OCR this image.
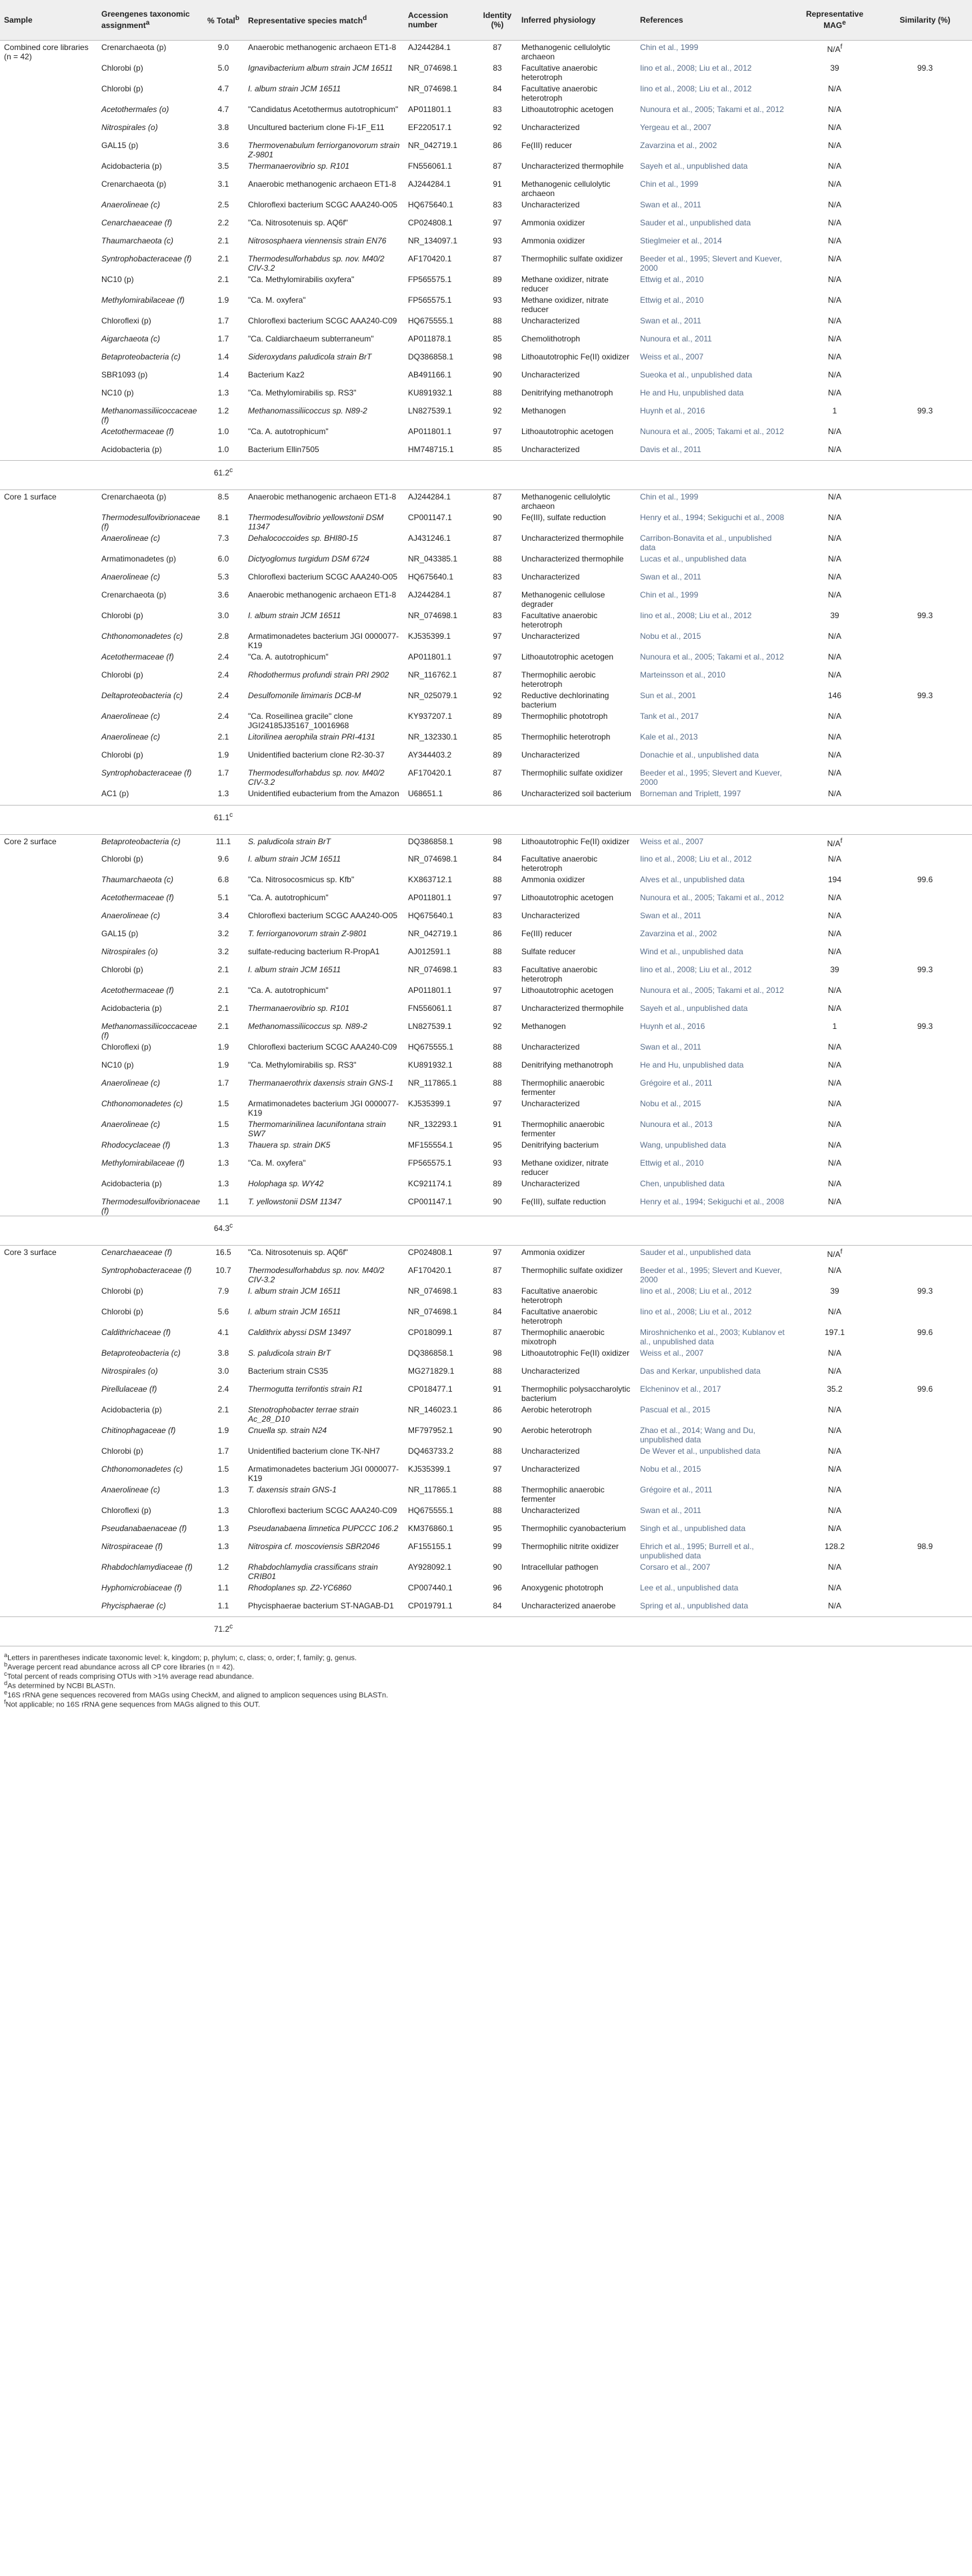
Sample	Greengenes taxonomic assignment$^a$	% Total$^b$	Representative species match$^d$	Accession number	Identity (%)	Inferred physiology	References	Representative MAG$^e$	Similarity (%)
Combined core libraries (n = 42)	Crenarchaeota (p)	9.0	Anaerobic methanogenic archaeon ET1-8	AJ244284.1	87	Methanogenic cellulolytic archaeon	Chin et al., 1999	$N/A^f$	
	Chlorobi (p)	5.0	Ignavibacterium album strain JCM 16511	NR_074698.1	83	Facultative anaerobic heterotroph	Iino et al., 2008; Liu et al., 2012	39	99.3
	Chlorobi (p)	4.7	I. album strain JCM 16511	NR_074698.1	84	Facultative anaerobic heterotroph	Iino et al., 2008; Liu et al., 2012	N/A	
	Acetothermales (o)	4.7	"Candidatus Acetothermus autotrophicum"	AP011801.1	83	Lithoautotrophic acetogen	Nunoura et al., 2005; Takami et al., 2012	N/A	
	Nitrospirales (o)	3.8	Uncultured bacterium clone Fi-1F_E11	EF220517.1	92	Uncharacterized	Yergeau et al., 2007	N/A	
	GAL15 (p)	3.6	Thermovenabulum ferriorganovorum strain Z-9801	NR_042719.1	86	Fe(III) reducer	Zavarzina et al., 2002	N/A	
	Acidobacteria (p)	3.5	Thermanaerovibrio sp. R101	FN556061.1	87	Uncharacterized thermophile	Sayeh et al., unpublished data	N/A	
	Crenarchaeota (p)	3.1	Anaerobic methanogenic archaeon ET1-8	AJ244284.1	91	Methanogenic cellulolytic archaeon	Chin et al., 1999	N/A	
	Anaerolineae (c)	2.5	Chloroflexi bacterium SCGC AAA240-O05	HQ675640.1	83	Uncharacterized	Swan et al., 2011	N/A	
	Cenarchaeaceae (f)	2.2	"Ca. Nitrosotenuis sp. AQ6f"	CP024808.1	97	Ammonia oxidizer	Sauder et al., unpublished data	N/A	
	Thaumarchaeota (c)	2.1	Nitrososphaera viennensis strain EN76	NR_134097.1	93	Ammonia oxidizer	Stieglmeier et al., 2014	N/A	
	Syntrophobacteraceae (f)	2.1	Thermodesulforhabdus sp. nov. M40/2 CIV-3.2	AF170420.1	87	Thermophilic sulfate oxidizer	Beeder et al., 1995; Slevert and Kuever, 2000	N/A	
	NC10 (p)	2.1	"Ca. Methylomirabilis oxyfera"	FP565575.1	89	Methane oxidizer, nitrate reducer	Ettwig et al., 2010	N/A	
	Methylomirabilaceae (f)	1.9	"Ca. M. oxyfera"	FP565575.1	93	Methane oxidizer, nitrate reducer	Ettwig et al., 2010	N/A	
	Chloroflexi (p)	1.7	Chloroflexi bacterium SCGC AAA240-C09	HQ675555.1	88	Uncharacterized	Swan et al., 2011	N/A	
	Aigarchaeota (c)	1.7	"Ca. Caldiarchaeum subterraneum"	AP011878.1	85	Chemolithotroph	Nunoura et al., 2011	N/A	
	Betaproteobacteria (c)	1.4	Sideroxydans paludicola strain BrT	DQ386858.1	98	Lithoautotrophic Fe(II) oxidizer	Weiss et al., 2007	N/A	
	SBR1093 (p)	1.4	Bacterium Kaz2	AB491166.1	90	Uncharacterized	Sueoka et al., unpublished data	N/A	
	NC10 (p)	1.3	"Ca. Methylomirabilis sp. RS3"	KU891932.1	88	Denitrifying methanotroph	He and Hu, unpublished data	N/A	
	Methanomassiliicoccaceae (f)	1.2	Methanomassiliicoccus sp. N89-2	LN827539.1	92	Methanogen	Huynh et al., 2016	1	99.3
	Acetothermaceae (f)	1.0	"Ca. A. autotrophicum"	AP011801.1	97	Lithoautotrophic acetogen	Nunoura et al., 2005; Takami et al., 2012	N/A	
	Acidobacteria (p)	1.0	Bacterium Ellin7505	HM748715.1	85	Uncharacterized	Davis et al., 2011	N/A	
		61.2$^c$							

Core 1 surface	Crenarchaeota (p)	8.5	Anaerobic methanogenic archaeon ET1-8	AJ244284.1	87	Methanogenic cellulolytic archaeon	Chin et al., 1999	N/A	
	Thermodesulfovibrionaceae (f)	8.1	Thermodesulfovibrio yellowstonii DSM 11347	CP001147.1	90	Fe(III), sulfate reduction	Henry et al., 1994; Sekiguchi et al., 2008	N/A	
	Anaerolineae (c)	7.3	Dehalococcoides sp. BHI80-15	AJ431246.1	87	Uncharacterized thermophile	Carribon-Bonavita et al., unpublished data	N/A	
	Armatimonadetes (p)	6.0	Dictyoglomus turgidum DSM 6724	NR_043385.1	88	Uncharacterized thermophile	Lucas et al., unpublished data	N/A	
	Anaerolineae (c)	5.3	Chloroflexi bacterium SCGC AAA240-O05	HQ675640.1	83	Uncharacterized	Swan et al., 2011	N/A	
	Crenarchaeota (p)	3.6	Anaerobic methanogenic archaeon ET1-8	AJ244284.1	87	Methanogenic cellulose degrader	Chin et al., 1999	N/A	
	Chlorobi (p)	3.0	I. album strain JCM 16511	NR_074698.1	83	Facultative anaerobic heterotroph	Iino et al., 2008; Liu et al., 2012	39	99.3
	Chthonomonadetes (c)	2.8	Armatimonadetes bacterium JGI 0000077-K19	KJ535399.1	97	Uncharacterized	Nobu et al., 2015	N/A	
	Acetothermaceae (f)	2.4	"Ca. A. autotrophicum"	AP011801.1	97	Lithoautotrophic acetogen	Nunoura et al., 2005; Takami et al., 2012	N/A	
	Chlorobi (p)	2.4	Rhodothermus profundi strain PRI 2902	NR_116762.1	87	Thermophilic aerobic heterotroph	Marteinsson et al., 2010	N/A	
	Deltaproteobacteria (c)	2.4	Desulfomonile limimaris DCB-M	NR_025079.1	92	Reductive dechlorinating bacterium	Sun et al., 2001	146	99.3
	Anaerolineae (c)	2.4	"Ca. Roseilinea gracile" clone JGI24185J35167_10016968	KY937207.1	89	Thermophilic phototroph	Tank et al., 2017	N/A	
	Anaerolineae (c)	2.1	Litorilinea aerophila strain PRI-4131	NR_132330.1	85	Thermophilic heterotroph	Kale et al., 2013	N/A	
	Chlorobi (p)	1.9	Unidentified bacterium clone R2-30-37	AY344403.2	89	Uncharacterized	Donachie et al., unpublished data	N/A	
	Syntrophobacteraceae (f)	1.7	Thermodesulforhabdus sp. nov. M40/2 CIV-3.2	AF170420.1	87	Thermophilic sulfate oxidizer	Beeder et al., 1995; Slevert and Kuever, 2000	N/A	
	AC1 (p)	1.3	Unidentified eubacterium from the Amazon	U68651.1	86	Uncharacterized soil bacterium	Borneman and Triplett, 1997	N/A	
		61.1$^c$							

Core 2 surface	Betaproteobacteria (c)	11.1	S. paludicola strain BrT	DQ386858.1	98	Lithoautotrophic Fe(II) oxidizer	Weiss et al., 2007	$N/A^f$	
	Chlorobi (p)	9.6	I. album strain JCM 16511	NR_074698.1	84	Facultative anaerobic heterotroph	Iino et al., 2008; Liu et al., 2012	N/A	
	Thaumarchaeota (c)	6.8	"Ca. Nitrosocosmicus sp. Kfb"	KX863712.1	88	Ammonia oxidizer	Alves et al., unpublished data	194	99.6
	Acetothermaceae (f)	5.1	"Ca. A. autotrophicum"	AP011801.1	97	Lithoautotrophic acetogen	Nunoura et al., 2005; Takami et al., 2012	N/A	
	Anaerolineae (c)	3.4	Chloroflexi bacterium SCGC AAA240-O05	HQ675640.1	83	Uncharacterized	Swan et al., 2011	N/A	
	GAL15 (p)	3.2	T. ferriorganovorum strain Z-9801	NR_042719.1	86	Fe(III) reducer	Zavarzina et al., 2002	N/A	
	Nitrospirales (o)	3.2	sulfate-reducing bacterium R-PropA1	AJ012591.1	88	Sulfate reducer	Wind et al., unpublished data	N/A	
	Chlorobi (p)	2.1	I. album strain JCM 16511	NR_074698.1	83	Facultative anaerobic heterotroph	Iino et al., 2008; Liu et al., 2012	39	99.3
	Acetothermaceae (f)	2.1	"Ca. A. autotrophicum"	AP011801.1	97	Lithoautotrophic acetogen	Nunoura et al., 2005; Takami et al., 2012	N/A	
	Acidobacteria (p)	2.1	Thermanaerovibrio sp. R101	FN556061.1	87	Uncharacterized thermophile	Sayeh et al., unpublished data	N/A	
	Methanomassiliicoccaceae (f)	2.1	Methanomassiliicoccus sp. N89-2	LN827539.1	92	Methanogen	Huynh et al., 2016	1	99.3
	Chloroflexi (p)	1.9	Chloroflexi bacterium SCGC AAA240-C09	HQ675555.1	88	Uncharacterized	Swan et al., 2011	N/A	
	NC10 (p)	1.9	"Ca. Methylomirabilis sp. RS3"	KU891932.1	88	Denitrifying methanotroph	He and Hu, unpublished data	N/A	
	Anaerolineae (c)	1.7	Thermanaerothrix daxensis strain GNS-1	NR_117865.1	88	Thermophilic anaerobic fermenter	Grégoire et al., 2011	N/A	
	Chthonomonadetes (c)	1.5	Armatimonadetes bacterium JGI 0000077-K19	KJ535399.1	97	Uncharacterized	Nobu et al., 2015	N/A	
	Anaerolineae (c)	1.5	Thermomarinilinea lacunifontana strain SW7	NR_132293.1	91	Thermophilic anaerobic fermenter	Nunoura et al., 2013	N/A	
	Rhodocyclaceae (f)	1.3	Thauera sp. strain DK5	MF155554.1	95	Denitrifying bacterium	Wang, unpublished data	N/A	
	Methylomirabilaceae (f)	1.3	"Ca. M. oxyfera"	FP565575.1	93	Methane oxidizer, nitrate reducer	Ettwig et al., 2010	N/A	
	Acidobacteria (p)	1.3	Holophaga sp. WY42	KC921174.1	89	Uncharacterized	Chen, unpublished data	N/A	
	Thermodesulfovibrionaceae (f)	1.1	T. yellowstonii DSM 11347	CP001147.1	90	Fe(III), sulfate reduction	Henry et al., 1994; Sekiguchi et al., 2008	N/A	
		64.3$^c$							

Core 3 surface	Cenarchaeaceae (f)	16.5	"Ca. Nitrosotenuis sp. AQ6f"	CP024808.1	97	Ammonia oxidizer	Sauder et al., unpublished data	$N/A^f$	
	Syntrophobacteraceae (f)	10.7	Thermodesulforhabdus sp. nov. M40/2 CIV-3.2	AF170420.1	87	Thermophilic sulfate oxidizer	Beeder et al., 1995; Slevert and Kuever, 2000	N/A	
	Chlorobi (p)	7.9	I. album strain JCM 16511	NR_074698.1	83	Facultative anaerobic heterotroph	Iino et al., 2008; Liu et al., 2012	39	99.3
	Chlorobi (p)	5.6	I. album strain JCM 16511	NR_074698.1	84	Facultative anaerobic heterotroph	Iino et al., 2008; Liu et al., 2012	N/A	
	Caldithrichaceae (f)	4.1	Caldithrix abyssi DSM 13497	CP018099.1	87	Thermophilic anaerobic mixotroph	Miroshnichenko et al., 2003; Kublanov et al., unpublished data	197.1	99.6
	Betaproteobacteria (c)	3.8	S. paludicola strain BrT	DQ386858.1	98	Lithoautotrophic Fe(II) oxidizer	Weiss et al., 2007	N/A	
	Nitrospirales (o)	3.0	Bacterium strain CS35	MG271829.1	88	Uncharacterized	Das and Kerkar, unpublished data	N/A	
	Pirellulaceae (f)	2.4	Thermogutta terrifontis strain R1	CP018477.1	91	Thermophilic polysaccharolytic bacterium	Elcheninov et al., 2017	35.2	99.6
	Acidobacteria (p)	2.1	Stenotrophobacter terrae strain Ac_28_D10	NR_146023.1	86	Aerobic heterotroph	Pascual et al., 2015	N/A	
	Chitinophagaceae (f)	1.9	Cnuella sp. strain N24	MF797952.1	90	Aerobic heterotroph	Zhao et al., 2014; Wang and Du, unpublished data	N/A	
	Chlorobi (p)	1.7	Unidentified bacterium clone TK-NH7	DQ463733.2	88	Uncharacterized	De Wever et al., unpublished data	N/A	
	Chthonomonadetes (c)	1.5	Armatimonadetes bacterium JGI 0000077-K19	KJ535399.1	97	Uncharacterized	Nobu et al., 2015	N/A	
	Anaerolineae (c)	1.3	T. daxensis strain GNS-1	NR_117865.1	88	Thermophilic anaerobic fermenter	Grégoire et al., 2011	N/A	
	Chloroflexi (p)	1.3	Chloroflexi bacterium SCGC AAA240-C09	HQ675555.1	88	Uncharacterized	Swan et al., 2011	N/A	
	Pseudanabaenaceae (f)	1.3	Pseudanabaena limnetica PUPCCC 106.2	KM376860.1	95	Thermophilic cyanobacterium	Singh et al., unpublished data	N/A	
	Nitrospiraceae (f)	1.3	Nitrospira cf. moscoviensis SBR2046	AF155155.1	99	Thermophilic nitrite oxidizer	Ehrich et al., 1995; Burrell et al., unpublished data	128.2	98.9
	Rhabdochlamydiaceae (f)	1.2	Rhabdochlamydia crassificans strain CRIB01	AY928092.1	90	Intracellular pathogen	Corsaro et al., 2007	N/A	
	Hyphomicrobiaceae (f)	1.1	Rhodoplanes sp. Z2-YC6860	CP007440.1	96	Anoxygenic phototroph	Lee et al., unpublished data	N/A	
	Phycisphaerae (c)	1.1	Phycisphaerae bacterium ST-NAGAB-D1	CP019791.1	84	Uncharacterized anaerobe	Spring et al., unpublished data	N/A	
		71.2$^c$							

$^a$Letters in parentheses indicate taxonomic level: k, kingdom; p, phylum; c, class; o, order; f, family; g, genus.
$^b$Average percent read abundance across all CP core libraries (n = 42).
$^c$Total percent of reads comprising OTUs with >1% average read abundance.
$^d$As determined by NCBI BLASTn.
$^e$16S rRNA gene sequences recovered from MAGs using CheckM, and aligned to amplicon sequences using BLASTn.
$^f$Not applicable; no 16S rRNA gene sequences from MAGs aligned to this OUT.
